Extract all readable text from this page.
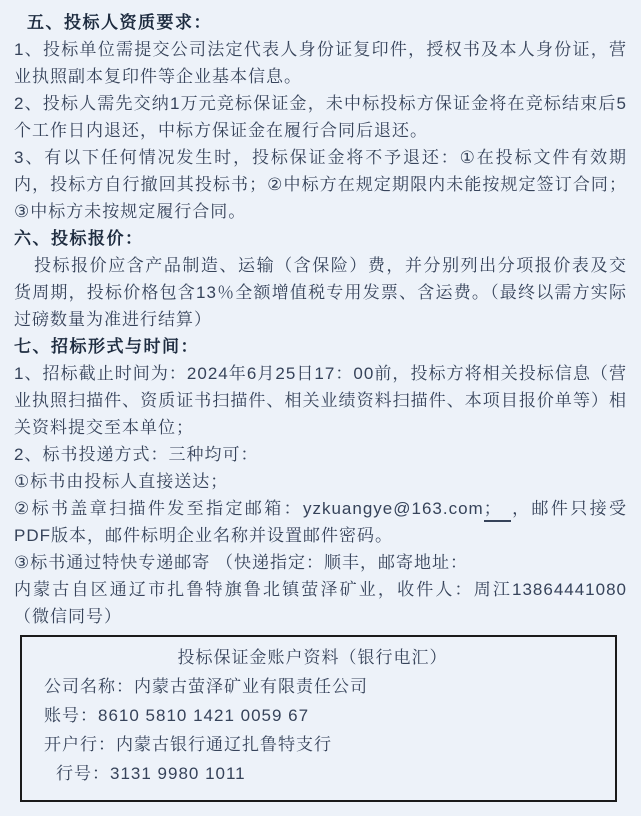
五、投标人资质要求：

1、投标单位需提交公司法定代表人身份证复印件，授权书及本人身份证，营业执照副本复印件等企业基本信息。

2、投标人需先交纳1万元竞标保证金，未中标投标方保证金将在竞标结束后5个工作日内退还，中标方保证金在履行合同后退还。

3、有以下任何情况发生时，投标保证金将不予退还：①在投标文件有效期内，投标方自行撤回其投标书；②中标方在规定期限内未能按规定签订合同；③中标方未按规定履行合同。

六、投标报价：

投标报价应含产品制造、运输（含保险）费，并分别列出分项报价表及交货周期，投标价格包含13％全额增值税专用发票、含运费。（最终以需方实际过磅数量为准进行结算）

七、招标形式与时间：

1、招标截止时间为：2024年6月25日17：00前，投标方将相关投标信息（营业执照扫描件、资质证书扫描件、相关业绩资料扫描件、本项目报价单等）相关资料提交至本单位；

2、标书投递方式：三种均可：

①标书由投标人直接送达；

②标书盖章扫描件发至指定邮箱：yzkuangye@163.com； ，邮件只接受PDF版本，邮件标明企业名称并设置邮件密码。

③标书通过特快专递邮寄 （快递指定：顺丰，邮寄地址：

内蒙古自区通辽市扎鲁特旗鲁北镇萤泽矿业，收件人：周江13864441080（微信同号）

投标保证金账户资料（银行电汇）

公司名称：内蒙古萤泽矿业有限责任公司

账号：8610 5810 1421 0059 67

开户行：内蒙古银行通辽扎鲁特支行

行号：3131 9980 1011
